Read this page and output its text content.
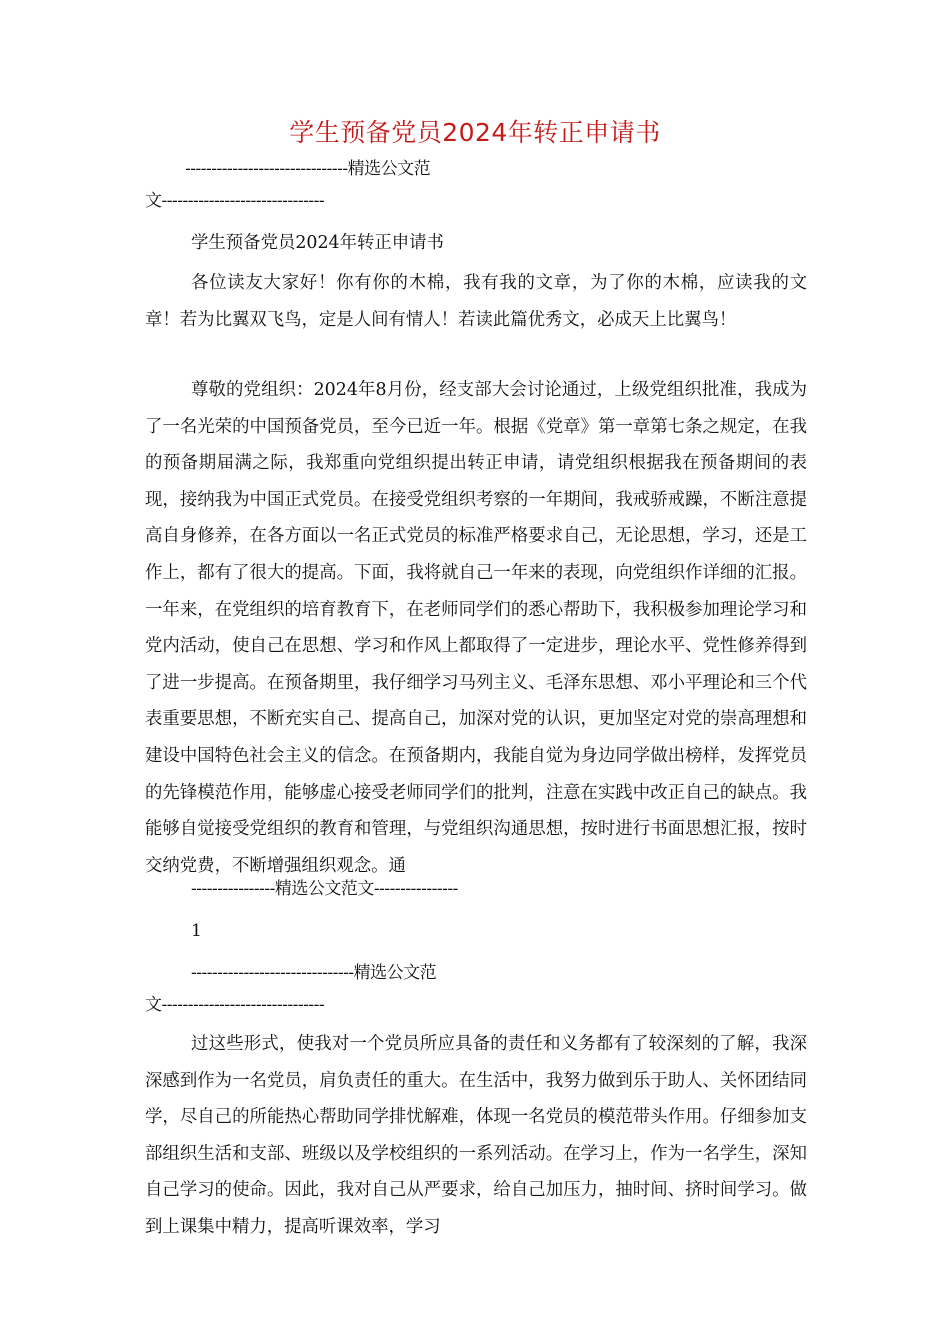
学生预备党员2024年转正申请书
-------------------------------精选公文范
文-------------------------------
学生预备党员2024年转正申请书

各位读友大家好！你有你的木棉，我有我的文章，为了你的木棉，应读我的文章！若为比翼双飞鸟，定是人间有情人！若读此篇优秀文，必成天上比翼鸟！

尊敬的党组织：2024年8月份，经支部大会讨论通过，上级党组织批准，我成为了一名光荣的中国预备党员，至今已近一年。根据《党章》第一章第七条之规定，在我的预备期届满之际，我郑重向党组织提出转正申请，请党组织根据我在预备期间的表现，接纳我为中国正式党员。在接受党组织考察的一年期间，我戒骄戒躁，不断注意提高自身修养，在各方面以一名正式党员的标准严格要求自己，无论思想，学习，还是工作上，都有了很大的提高。下面，我将就自己一年来的表现，向党组织作详细的汇报。一年来，在党组织的培育教育下，在老师同学们的悉心帮助下，我积极参加理论学习和党内活动，使自己在思想、学习和作风上都取得了一定进步，理论水平、党性修养得到了进一步提高。在预备期里，我仔细学习马列主义、毛泽东思想、邓小平理论和三个代表重要思想，不断充实自己、提高自己，加深对党的认识，更加坚定对党的崇高理想和建设中国特色社会主义的信念。在预备期内，我能自觉为身边同学做出榜样，发挥党员的先锋模范作用，能够虚心接受老师同学们的批判，注意在实践中改正自己的缺点。我能够自觉接受党组织的教育和管理，与党组织沟通思想，按时进行书面思想汇报，按时交纳党费，不断增强组织观念。通

----------------精选公文范文----------------
1
-------------------------------精选公文范
文-------------------------------

过这些形式，使我对一个党员所应具备的责任和义务都有了较深刻的了解，我深深感到作为一名党员，肩负责任的重大。在生活中，我努力做到乐于助人、关怀团结同学，尽自己的所能热心帮助同学排忧解难，体现一名党员的模范带头作用。仔细参加支部组织生活和支部、班级以及学校组织的一系列活动。在学习上，作为一名学生，深知自己学习的使命。因此，我对自己从严要求，给自己加压力，抽时间、挤时间学习。做到上课集中精力，提高听课效率，学习
